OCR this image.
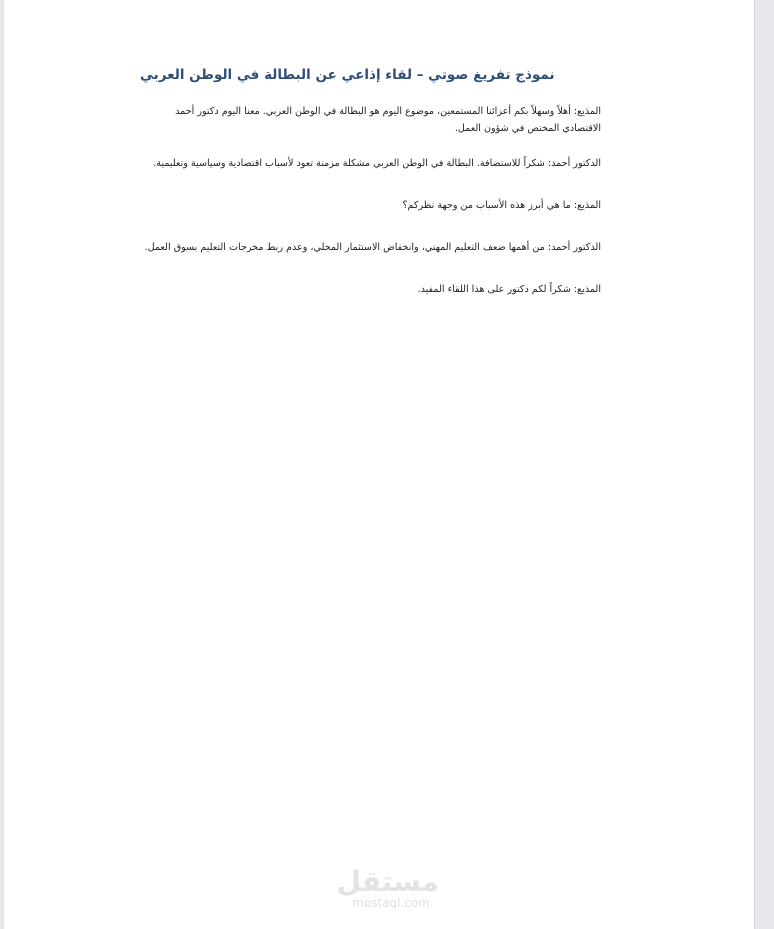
نموذج تفريغ صوتي – لقاء إذاعي عن البطالة في الوطن العربي

المذيع: أهلاً وسهلاً بكم أعزائنا المستمعين، موضوع اليوم هو البطالة في الوطن العربي. معنا اليوم دكتور أحمد الاقتصادي المختص في شؤون العمل.

الدكتور أحمد: شكراً للاستضافة. البطالة في الوطن العربي مشكلة مزمنة تعود لأسباب اقتصادية وسياسية وتعليمية.

المذيع: ما هي أبرز هذه الأسباب من وجهة نظركم؟

الدكتور أحمد: من أهمها ضعف التعليم المهني، وانخفاض الاستثمار المحلي، وعدم ربط مخرجات التعليم بسوق العمل.

المذيع: شكراً لكم دكتور على هذا اللقاء المفيد.

مستقل
mostaql.com
